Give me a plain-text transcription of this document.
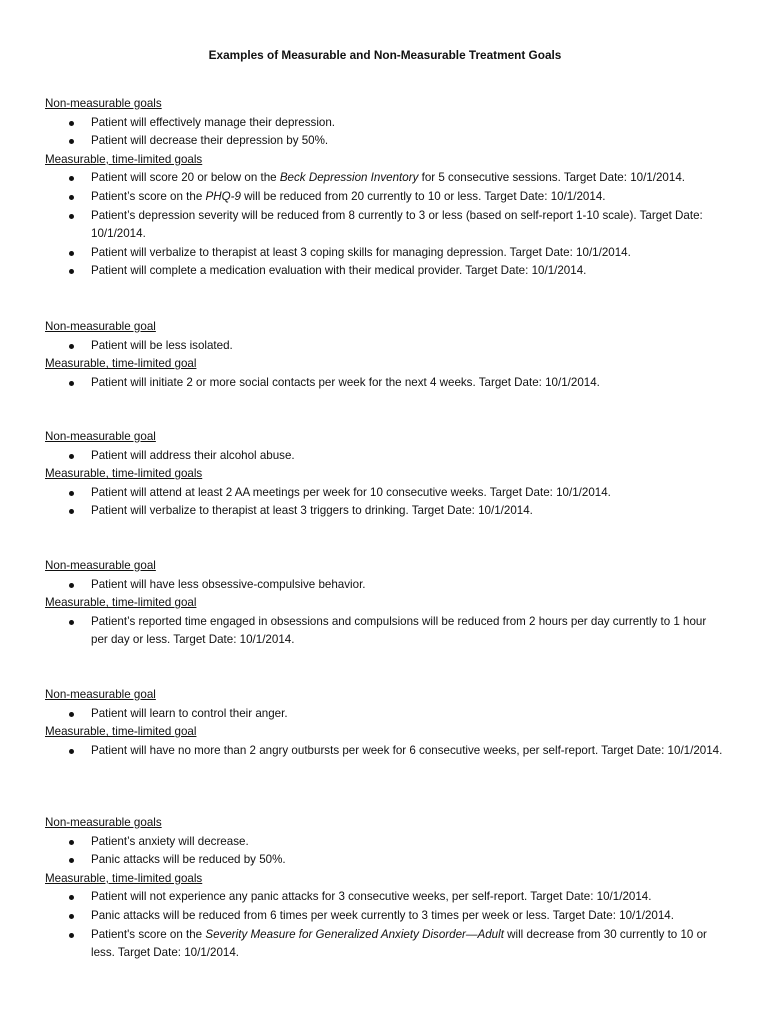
Examples of Measurable and Non-Measurable Treatment Goals
Non-measurable goals
Patient will effectively manage their depression.
Patient will decrease their depression by 50%.
Measurable, time-limited goals
Patient will score 20 or below on the Beck Depression Inventory for 5 consecutive sessions. Target Date: 10/1/2014.
Patient’s score on the PHQ-9 will be reduced from 20 currently to 10 or less. Target Date: 10/1/2014.
Patient’s depression severity will be reduced from 8 currently to 3 or less (based on self-report 1-10 scale). Target Date: 10/1/2014.
Patient will verbalize to therapist at least 3 coping skills for managing depression. Target Date: 10/1/2014.
Patient will complete a medication evaluation with their medical provider. Target Date: 10/1/2014.
Non-measurable goal
Patient will be less isolated.
Measurable, time-limited goal
Patient will initiate 2 or more social contacts per week for the next 4 weeks. Target Date: 10/1/2014.
Non-measurable goal
Patient will address their alcohol abuse.
Measurable, time-limited goals
Patient will attend at least 2 AA meetings per week for 10 consecutive weeks. Target Date: 10/1/2014.
Patient will verbalize to therapist at least 3 triggers to drinking. Target Date: 10/1/2014.
Non-measurable goal
Patient will have less obsessive-compulsive behavior.
Measurable, time-limited goal
Patient’s reported time engaged in obsessions and compulsions will be reduced from 2 hours per day currently to 1 hour per day or less. Target Date: 10/1/2014.
Non-measurable goal
Patient will learn to control their anger.
Measurable, time-limited goal
Patient will have no more than 2 angry outbursts per week for 6 consecutive weeks, per self-report. Target Date: 10/1/2014.
Non-measurable goals
Patient’s anxiety will decrease.
Panic attacks will be reduced by 50%.
Measurable, time-limited goals
Patient will not experience any panic attacks for 3 consecutive weeks, per self-report. Target Date: 10/1/2014.
Panic attacks will be reduced from 6 times per week currently to 3 times per week or less. Target Date: 10/1/2014.
Patient's score on the Severity Measure for Generalized Anxiety Disorder—Adult will decrease from 30 currently to 10 or less. Target Date: 10/1/2014.
